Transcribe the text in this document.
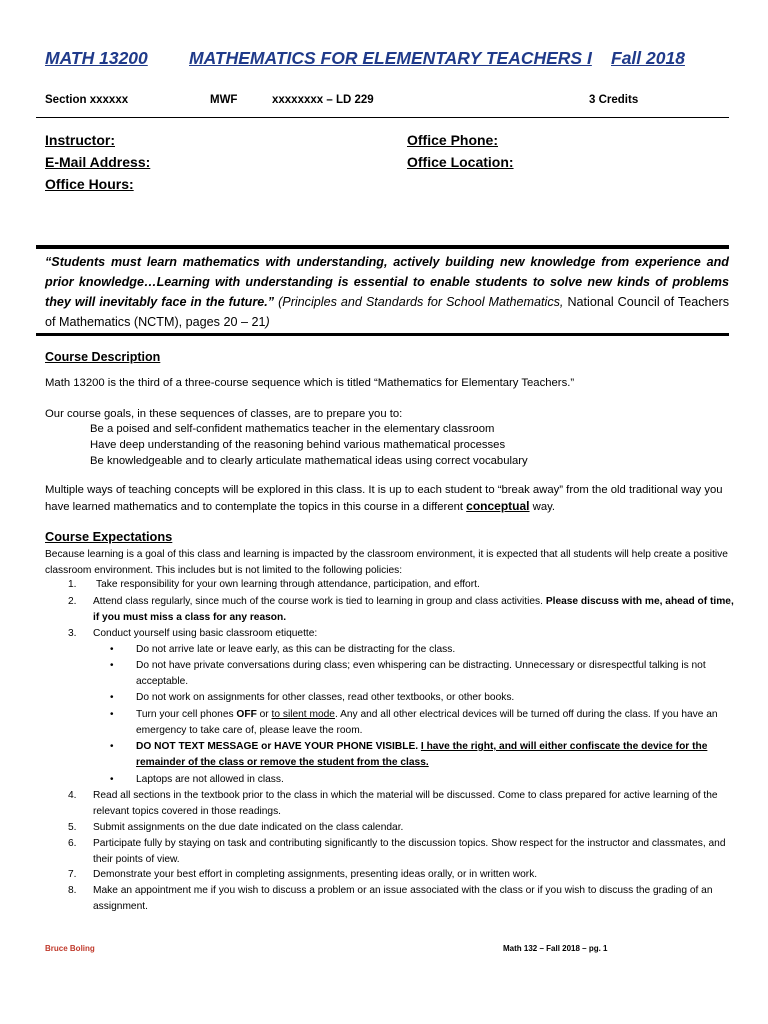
MATH 13200 MATHEMATICS FOR ELEMENTARY TEACHERS I Fall 2018
Section xxxxxx	MWF	xxxxxxxx – LD 229	3 Credits
Instructor:
E-Mail Address:
Office Hours:
Office Phone:
Office Location:
“Students must learn mathematics with understanding, actively building new knowledge from experience and prior knowledge…Learning with understanding is essential to enable students to solve new kinds of problems they will inevitably face in the future.” (Principles and Standards for School Mathematics, National Council of Teachers of Mathematics (NCTM), pages 20 – 21)
Course Description
Math 13200 is the third of a three-course sequence which is titled “Mathematics for Elementary Teachers.”
Our course goals, in these sequences of classes, are to prepare you to:
Be a poised and self-confident mathematics teacher in the elementary classroom
Have deep understanding of the reasoning behind various mathematical processes
Be knowledgeable and to clearly articulate mathematical ideas using correct vocabulary
Multiple ways of teaching concepts will be explored in this class. It is up to each student to “break away” from the old traditional way you have learned mathematics and to contemplate the topics in this course in a different conceptual way.
Course Expectations
Because learning is a goal of this class and learning is impacted by the classroom environment, it is expected that all students will help create a positive classroom environment. This includes but is not limited to the following policies:
1. Take responsibility for your own learning through attendance, participation, and effort.
2. Attend class regularly, since much of the course work is tied to learning in group and class activities. Please discuss with me, ahead of time, if you must miss a class for any reason.
3. Conduct yourself using basic classroom etiquette:
• Do not arrive late or leave early, as this can be distracting for the class.
• Do not have private conversations during class; even whispering can be distracting. Unnecessary or disrespectful talking is not acceptable.
• Do not work on assignments for other classes, read other textbooks, or other books.
• Turn your cell phones OFF or to silent mode. Any and all other electrical devices will be turned off during the class. If you have an emergency to take care of, please leave the room.
• DO NOT TEXT MESSAGE or HAVE YOUR PHONE VISIBLE. I have the right, and will either confiscate the device for the remainder of the class or remove the student from the class.
• Laptops are not allowed in class.
4. Read all sections in the textbook prior to the class in which the material will be discussed. Come to class prepared for active learning of the relevant topics covered in those readings.
5. Submit assignments on the due date indicated on the class calendar.
6. Participate fully by staying on task and contributing significantly to the discussion topics. Show respect for the instructor and classmates, and their points of view.
7. Demonstrate your best effort in completing assignments, presenting ideas orally, or in written work.
8. Make an appointment me if you wish to discuss a problem or an issue associated with the class or if you wish to discuss the grading of an assignment.
Bruce Boling	Math 132 – Fall 2018 – pg. 1
